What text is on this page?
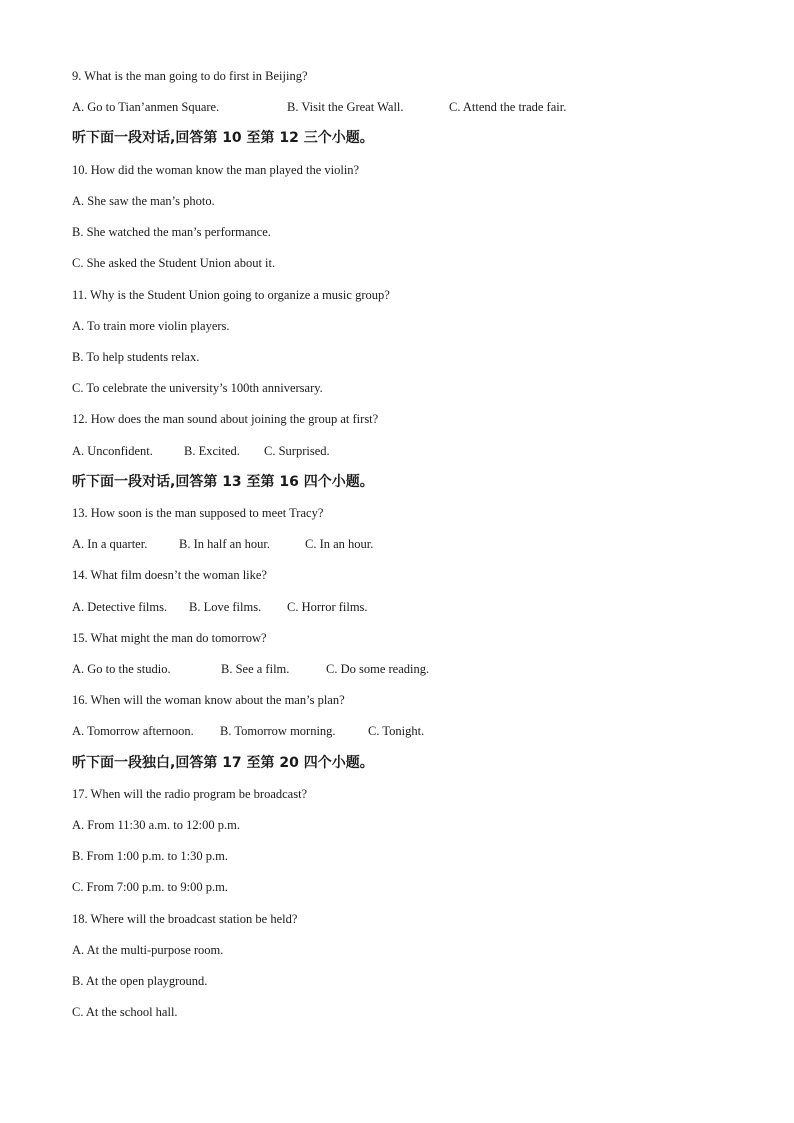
9. What is the man going to do first in Beijing?
A. Go to Tian’anmen Square.	B. Visit the Great Wall.	C. Attend the trade fair.
听下面一段对话,回答第 10 至第 12 三个小题。
10. How did the woman know the man played the violin?
A. She saw the man’s photo.
B. She watched the man’s performance.
C. She asked the Student Union about it.
11. Why is the Student Union going to organize a music group?
A. To train more violin players.
B. To help students relax.
C. To celebrate the university’s 100th anniversary.
12. How does the man sound about joining the group at first?
A. Unconfident. B. Excited. C. Surprised.
听下面一段对话,回答第 13 至第 16 四个小题。
13. How soon is the man supposed to meet Tracy?
A. In a quarter.	B. In half an hour.	C. In an hour.
14. What film doesn’t the woman like?
A. Detective films. B. Love films. C. Horror films.
15. What might the man do tomorrow?
A. Go to the studio.	B. See a film.	C. Do some reading.
16. When will the woman know about the man’s plan?
A. Tomorrow afternoon. B. Tomorrow morning.	C. Tonight.
听下面一段独白,回答第 17 至第 20 四个小题。
17. When will the radio program be broadcast?
A. From 11:30 a.m. to 12:00 p.m.
B. From 1:00 p.m. to 1:30 p.m.
C. From 7:00 p.m. to 9:00 p.m.
18. Where will the broadcast station be held?
A. At the multi-purpose room.
B. At the open playground.
C. At the school hall.
